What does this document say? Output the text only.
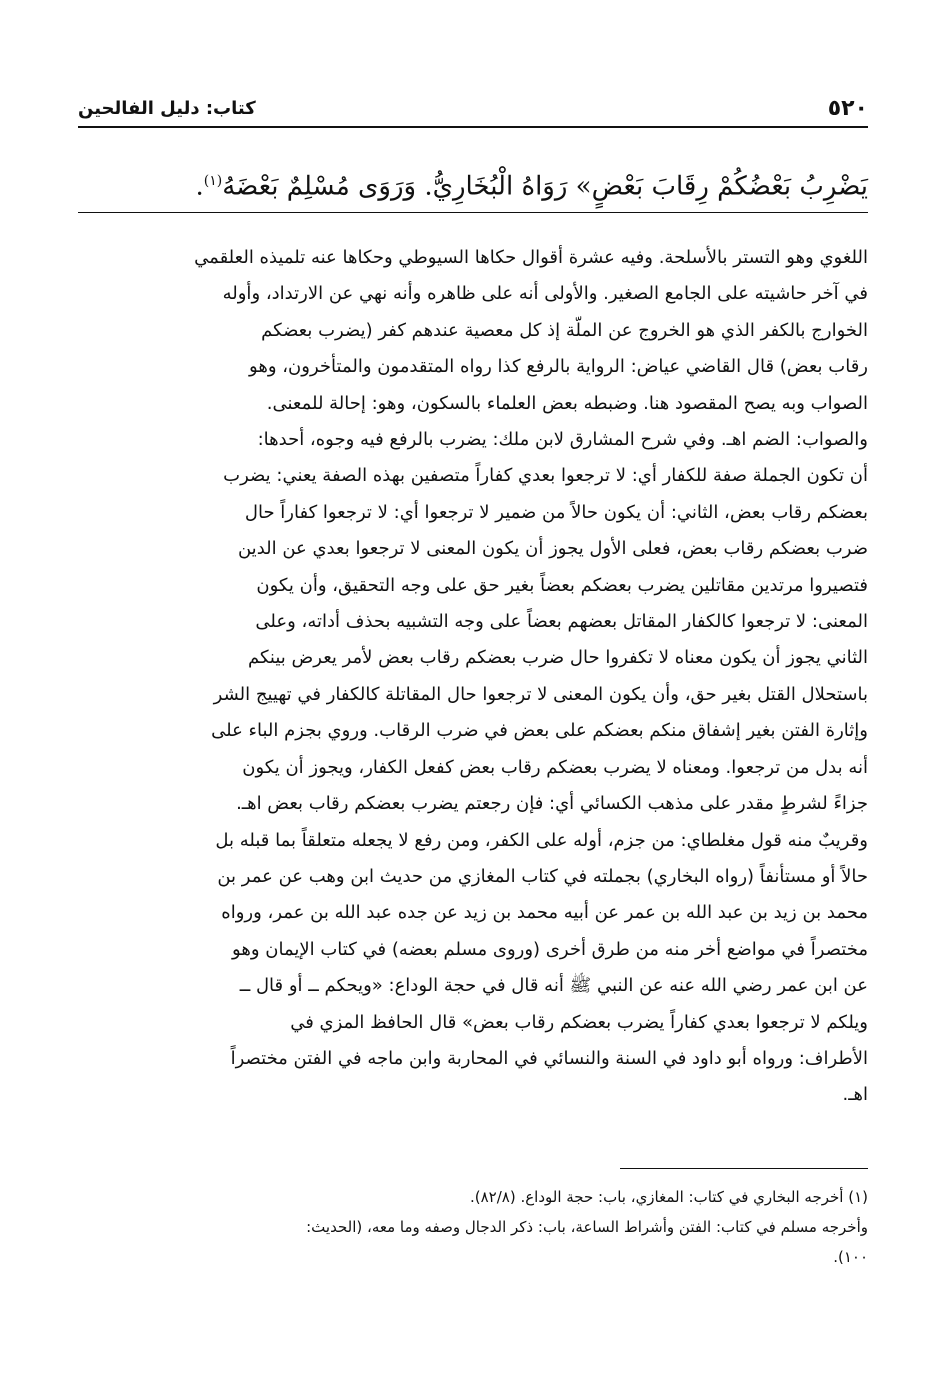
٥٢٠
كتاب: دليل الفالحين
يَضْرِبُ بَعْضُكُمْ رِقَابَ بَعْضٍ» رَوَاهُ الْبُخَارِيُّ. وَرَوَى مُسْلِمٌ بَعْضَهُ$^{(١)}$.
اللغوي وهو التستر بالأسلحة. وفيه عشرة أقوال حكاها السيوطي وحكاها عنه تلميذه العلقمي
في آخر حاشيته على الجامع الصغير. والأولى أنه على ظاهره وأنه نهي عن الارتداد، وأوله
الخوارج بالكفر الذي هو الخروج عن الملّة إذ كل معصية عندهم كفر (يضرب بعضكم
رقاب بعض) قال القاضي عياض: الرواية بالرفع كذا رواه المتقدمون والمتأخرون، وهو
الصواب وبه يصح المقصود هنا. وضبطه بعض العلماء بالسكون، وهو: إحالة للمعنى.
والصواب: الضم اهـ. وفي شرح المشارق لابن ملك: يضرب بالرفع فيه وجوه، أحدها:
أن تكون الجملة صفة للكفار أي: لا ترجعوا بعدي كفاراً متصفين بهذه الصفة يعني: يضرب
بعضكم رقاب بعض، الثاني: أن يكون حالاً من ضمير لا ترجعوا أي: لا ترجعوا كفاراً حال
ضرب بعضكم رقاب بعض، فعلى الأول يجوز أن يكون المعنى لا ترجعوا بعدي عن الدين
فتصيروا مرتدين مقاتلين يضرب بعضكم بعضاً بغير حق على وجه التحقيق، وأن يكون
المعنى: لا ترجعوا كالكفار المقاتل بعضهم بعضاً على وجه التشبيه بحذف أداته، وعلى
الثاني يجوز أن يكون معناه لا تكفروا حال ضرب بعضكم رقاب بعض لأمر يعرض بينكم
باستحلال القتل بغير حق، وأن يكون المعنى لا ترجعوا حال المقاتلة كالكفار في تهييج الشر
وإثارة الفتن بغير إشفاق منكم بعضكم على بعض في ضرب الرقاب. وروي بجزم الباء على
أنه بدل من ترجعوا. ومعناه لا يضرب بعضكم رقاب بعض كفعل الكفار، ويجوز أن يكون
جزاءً لشرطٍ مقدر على مذهب الكسائي أي: فإن رجعتم يضرب بعضكم رقاب بعض اهـ.
وقريبٌ منه قول مغلطاي: من جزم، أوله على الكفر، ومن رفع لا يجعله متعلقاً بما قبله بل
حالاً أو مستأنفاً (رواه البخاري) بجملته في كتاب المغازي من حديث ابن وهب عن عمر بن
محمد بن زيد بن عبد الله بن عمر عن أبيه محمد بن زيد عن جده عبد الله بن عمر، ورواه
مختصراً في مواضع أخر منه من طرق أخرى (وروى مسلم بعضه) في كتاب الإيمان وهو
عن ابن عمر رضي الله عنه عن النبي ﷺ أنه قال في حجة الوداع: «ويحكم ــ أو قال ــ
ويلكم لا ترجعوا بعدي كفاراً يضرب بعضكم رقاب بعض» قال الحافظ المزي في
الأطراف: ورواه أبو داود في السنة والنسائي في المحاربة وابن ماجه في الفتن مختصراً
اهـ.
(١) أخرجه البخاري في كتاب: المغازي، باب: حجة الوداع. (٨٢/٨).
وأخرجه مسلم في كتاب: الفتن وأشراط الساعة، باب: ذكر الدجال وصفه وما معه، (الحديث:
١٠٠).
